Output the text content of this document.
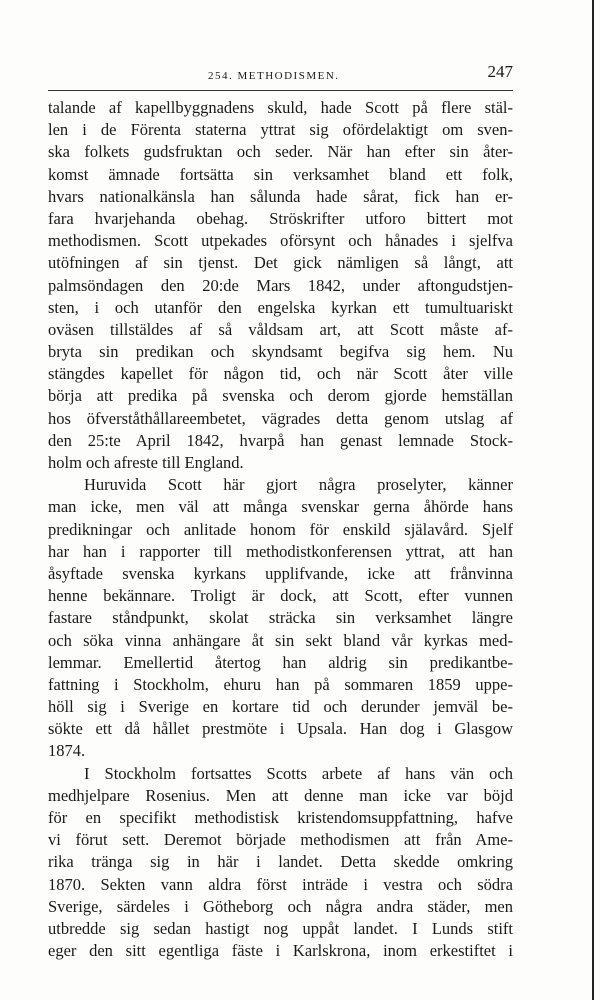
254. METHODISMEN.	247
talande af kapellbyggnadens skuld, hade Scott på flere stäl-
len i de Förenta staterna yttrat sig ofördelaktigt om sven-
ska folkets gudsfruktan och seder. När han efter sin åter-
komst ämnade fortsätta sin verksamhet bland ett folk,
hvars nationalkänsla han sålunda hade sårat, fick han er-
fara hvarjehanda obehag. Ströskrifter utforo bittert mot
methodismen. Scott utpekades oförsynt och hånades i sjelfva
utöfningen af sin tjenst. Det gick nämligen så långt, att
palmsöndagen den 20:de Mars 1842, under aftongudstjen-
sten, i och utanför den engelska kyrkan ett tumultuariskt
oväsen tillstäldes af så våldsam art, att Scott måste af-
bryta sin predikan och skyndsamt begifva sig hem. Nu
stängdes kapellet för någon tid, och när Scott åter ville
börja att predika på svenska och derom gjorde hemställan
hos öfverståthållareembetet, vägrades detta genom utslag af
den 25:te April 1842, hvarpå han genast lemnade Stock-
holm och afreste till England.
Huruvida Scott här gjort några proselyter, känner
man icke, men väl att många svenskar gerna åhörde hans
predikningar och anlitade honom för enskild själavård. Sjelf
har han i rapporter till methodistkonferensen yttrat, att han
åsyftade svenska kyrkans upplifvande, icke att frånvinna
henne bekännare. Troligt är dock, att Scott, efter vunnen
fastare ståndpunkt, skolat sträcka sin verksamhet längre
och söka vinna anhängare åt sin sekt bland vår kyrkas med-
lemmar. Emellertid återtog han aldrig sin predikantbe-
fattning i Stockholm, ehuru han på sommaren 1859 uppe-
höll sig i Sverige en kortare tid och derunder jemväl be-
sökte ett då hållet prestmöte i Upsala. Han dog i Glasgow
1874.
I Stockholm fortsattes Scotts arbete af hans vän och
medhjelpare Rosenius. Men att denne man icke var böjd
för en specifikt methodistisk kristendomsuppfattning, hafve
vi förut sett. Deremot började methodismen att från Ame-
rika tränga sig in här i landet. Detta skedde omkring
1870. Sekten vann aldra först inträde i vestra och södra
Sverige, särdeles i Götheborg och några andra städer, men
utbredde sig sedan hastigt nog uppåt landet. I Lunds stift
eger den sitt egentliga fäste i Karlskrona, inom erkestiftet i
